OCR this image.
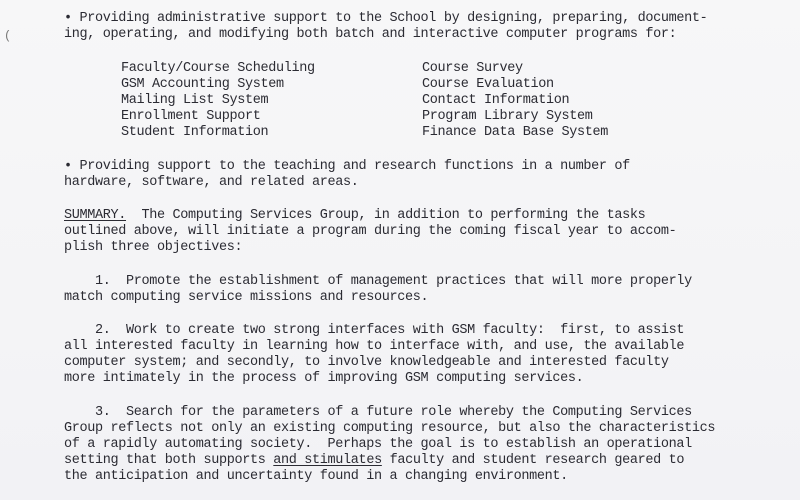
(
• Providing administrative support to the School by designing, preparing, document-
ing, operating, and modifying both batch and interactive computer programs for:
Faculty/Course Scheduling
GSM Accounting System
Mailing List System
Enrollment Support
Student Information
Course Survey
Course Evaluation
Contact Information
Program Library System
Finance Data Base System
• Providing support to the teaching and research functions in a number of
hardware, software, and related areas.
SUMMARY.  The Computing Services Group, in addition to performing the tasks
outlined above, will initiate a program during the coming fiscal year to accom-
plish three objectives:
1.  Promote the establishment of management practices that will more properly
match computing service missions and resources.
2.  Work to create two strong interfaces with GSM faculty:  first, to assist
all interested faculty in learning how to interface with, and use, the available
computer system; and secondly, to involve knowledgeable and interested faculty
more intimately in the process of improving GSM computing services.
3.  Search for the parameters of a future role whereby the Computing Services
Group reflects not only an existing computing resource, but also the characteristics
of a rapidly automating society.  Perhaps the goal is to establish an operational
setting that both supports and stimulates faculty and student research geared to
the anticipation and uncertainty found in a changing environment.
